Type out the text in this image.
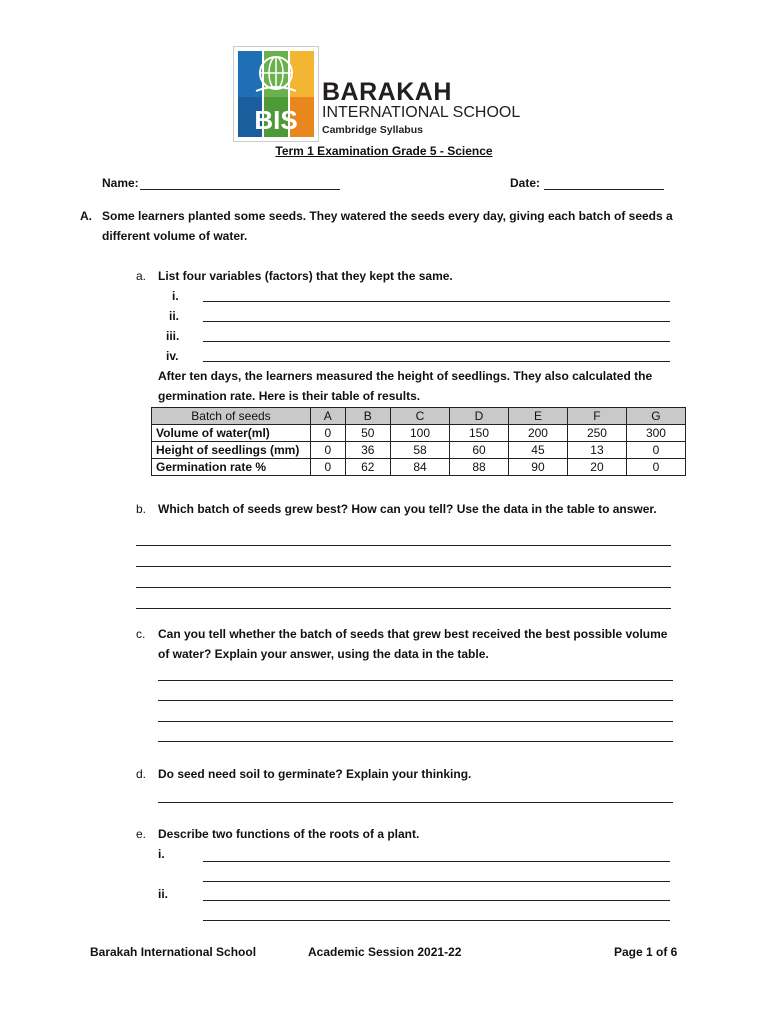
BIS
BARAKAH
INTERNATIONAL SCHOOL
Cambridge Syllabus
Term 1 Examination Grade 5 - Science
Name:	Date:
A. Some learners planted some seeds. They watered the seeds every day, giving each batch of seeds a
different volume of water.
a. List four variables (factors) that they kept the same.
i.
ii.
iii.
iv.
After ten days, the learners measured the height of seedlings. They also calculated the
germination rate. Here is their table of results.
Batch of seeds	A	B	C	D	E	F	G
Volume of water(ml)	0	50	100	150	200	250	300
Height of seedlings (mm)	0	36	58	60	45	13	0
Germination rate %	0	62	84	88	90	20	0
b. Which batch of seeds grew best? How can you tell? Use the data in the table to answer.
c. Can you tell whether the batch of seeds that grew best received the best possible volume
of water? Explain your answer, using the data in the table.
d. Do seed need soil to germinate? Explain your thinking.
e. Describe two functions of the roots of a plant.
i.
ii.
Barakah International School	Academic Session 2021-22	Page 1 of 6
